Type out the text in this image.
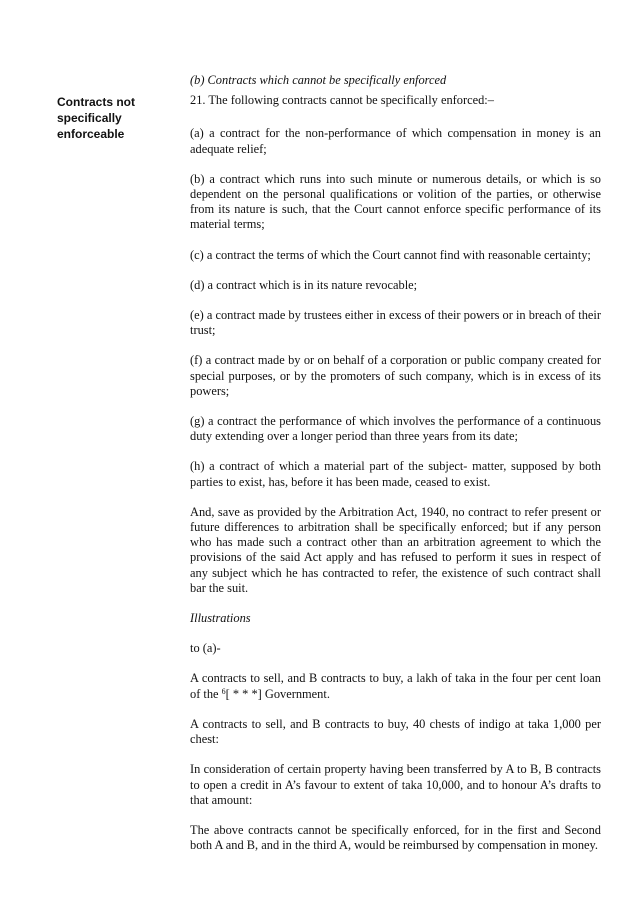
Contracts not specifically enforceable

(b) Contracts which cannot be specifically enforced

21. The following contracts cannot be specifically enforced:–

(a) a contract for the non-performance of which compensation in money is an adequate relief;

(b) a contract which runs into such minute or numerous details, or which is so dependent on the personal qualifications or volition of the parties, or otherwise from its nature is such, that the Court cannot enforce specific performance of its material terms;

(c) a contract the terms of which the Court cannot find with reasonable certainty;

(d) a contract which is in its nature revocable;

(e) a contract made by trustees either in excess of their powers or in breach of their trust;

(f) a contract made by or on behalf of a corporation or public company created for special purposes, or by the promoters of such company, which is in excess of its powers;

(g) a contract the performance of which involves the performance of a continuous duty extending over a longer period than three years from its date;

(h) a contract of which a material part of the subject- matter, supposed by both parties to exist, has, before it has been made, ceased to exist.

And, save as provided by the Arbitration Act, 1940, no contract to refer present or future differences to arbitration shall be specifically enforced; but if any person who has made such a contract other than an arbitration agreement to which the provisions of the said Act apply and has refused to perform it sues in respect of any subject which he has contracted to refer, the existence of such contract shall bar the suit.

Illustrations

to (a)-

A contracts to sell, and B contracts to buy, a lakh of taka in the four per cent loan of the $^6$[ * * *] Government.

A contracts to sell, and B contracts to buy, 40 chests of indigo at taka 1,000 per chest:

In consideration of certain property having been transferred by A to B, B contracts to open a credit in A’s favour to extent of taka 10,000, and to honour A’s drafts to that amount:

The above contracts cannot be specifically enforced, for in the first and Second both A and B, and in the third A, would be reimbursed by compensation in money.
